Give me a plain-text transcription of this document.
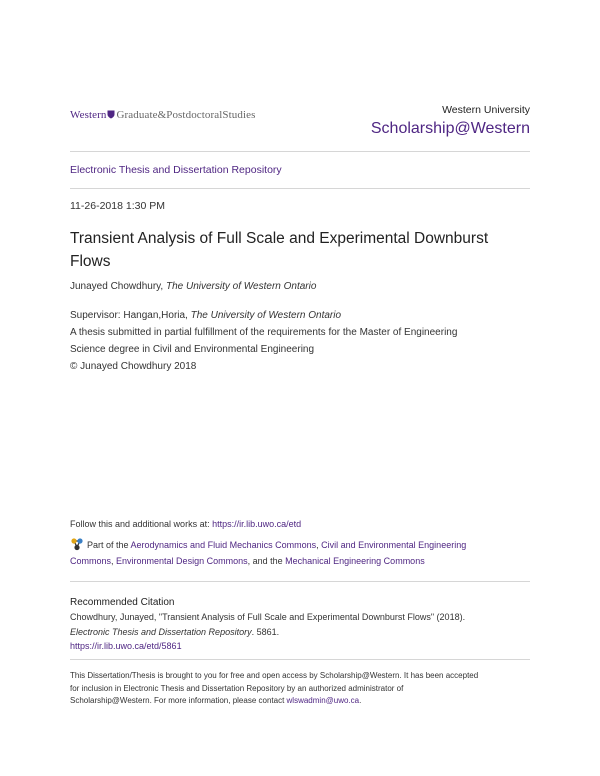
Western Graduate&PostdoctoralStudies	Western University
Scholarship@Western
Electronic Thesis and Dissertation Repository
11-26-2018 1:30 PM
Transient Analysis of Full Scale and Experimental Downburst Flows
Junayed Chowdhury, The University of Western Ontario
Supervisor: Hangan,Horia, The University of Western Ontario
A thesis submitted in partial fulfillment of the requirements for the Master of Engineering
Science degree in Civil and Environmental Engineering
© Junayed Chowdhury 2018
Follow this and additional works at: https://ir.lib.uwo.ca/etd
Part of the Aerodynamics and Fluid Mechanics Commons, Civil and Environmental Engineering
Commons, Environmental Design Commons, and the Mechanical Engineering Commons
Recommended Citation
Chowdhury, Junayed, "Transient Analysis of Full Scale and Experimental Downburst Flows" (2018).
Electronic Thesis and Dissertation Repository. 5861.
https://ir.lib.uwo.ca/etd/5861
This Dissertation/Thesis is brought to you for free and open access by Scholarship@Western. It has been accepted
for inclusion in Electronic Thesis and Dissertation Repository by an authorized administrator of
Scholarship@Western. For more information, please contact wlswadmin@uwo.ca.
